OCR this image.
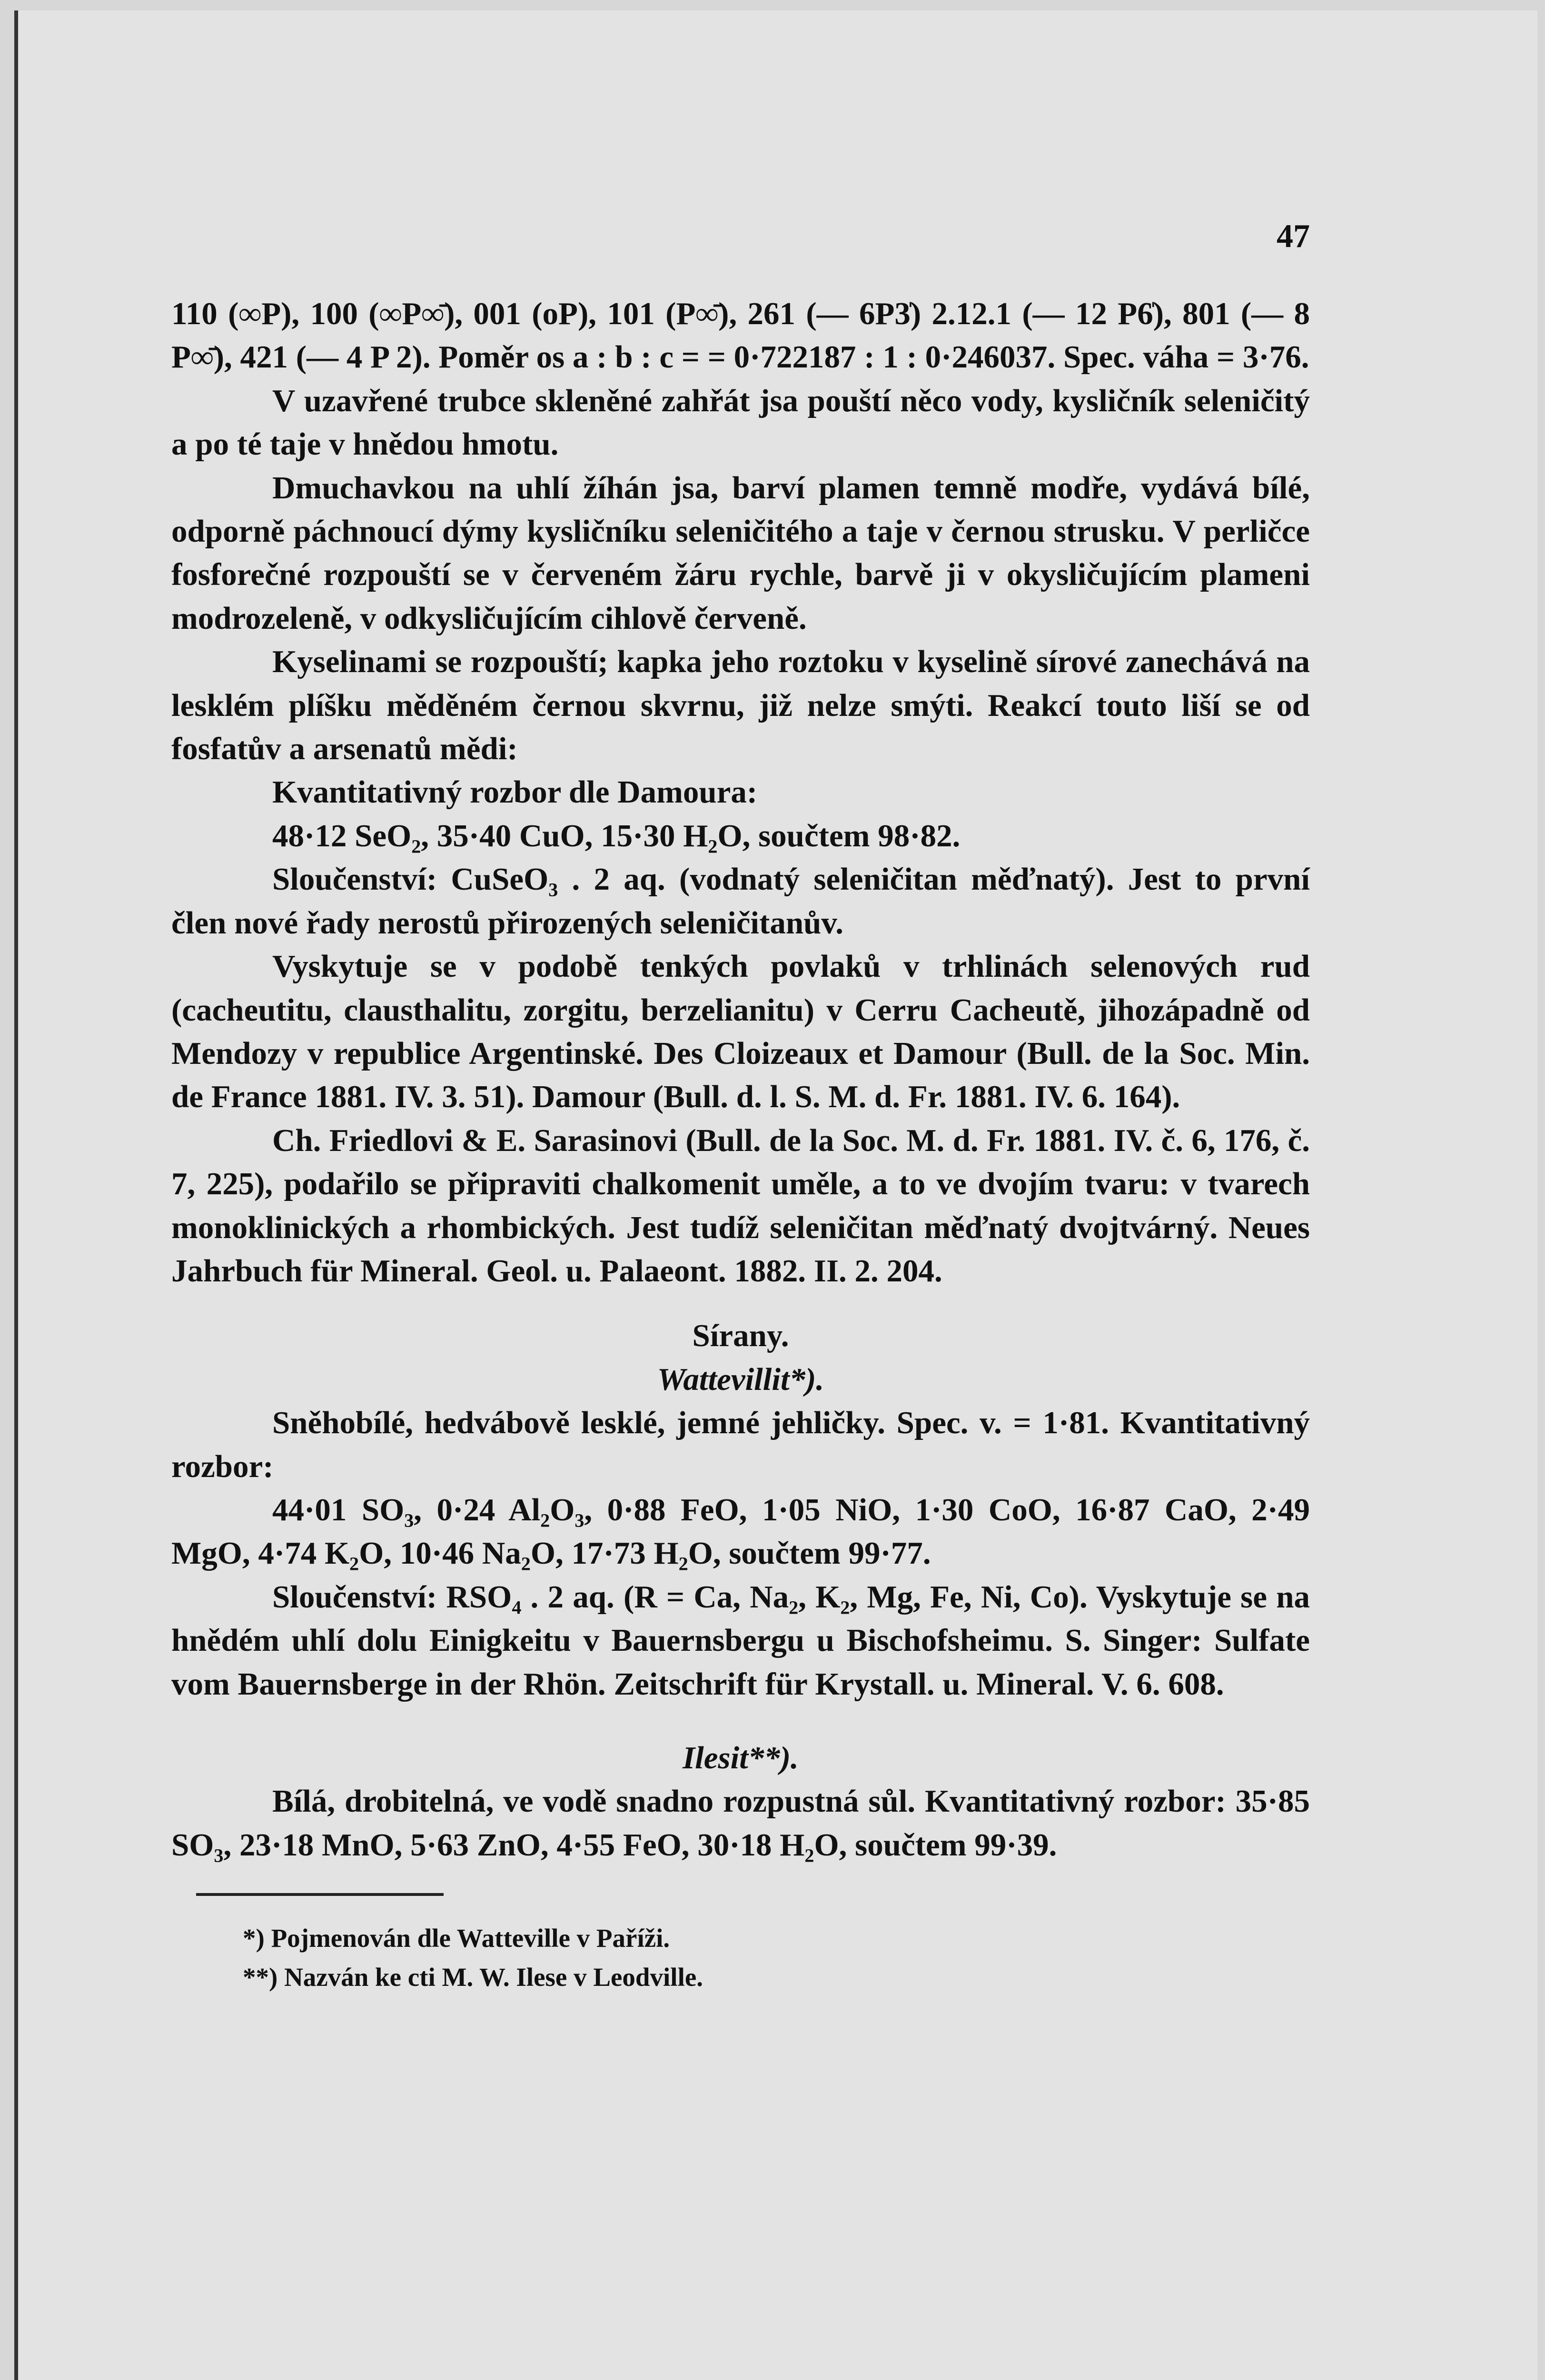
47

110 (∞P), 100 (∞P∞̄), 001 (oP), 101 (P∞̄), 261 (— 6P3̍) 2.12.1 (— 12 P6̍), 801 (— 8 P∞̄), 421 (— 4 P 2). Poměr os a : b : c = = 0·722187 : 1 : 0·246037. Spec. váha = 3·76.

V uzavřené trubce skleněné zahřát jsa pouští něco vody, kysličník seleničitý a po té taje v hnědou hmotu.

Dmuchavkou na uhlí žíhán jsa, barví plamen temně modře, vydává bílé, odporně páchnoucí dýmy kysličníku seleničitého a taje v černou strusku. V perličce fosforečné rozpouští se v červeném žáru rychle, barvě ji v okysličujícím plameni modrozeleně, v odkysličujícím cihlově červeně.

Kyselinami se rozpouští; kapka jeho roztoku v kyselině sírové zanechává na lesklém plíšku měděném černou skvrnu, již nelze smýti. Reakcí touto liší se od fosfatův a arsenatů mědi:

Kvantitativný rozbor dle Damoura:

48·12 SeO₂, 35·40 CuO, 15·30 H₂O, součtem 98·82.

Sloučenství: CuSeO₃ . 2 aq. (vodnatý seleničitan měďnatý). Jest to první člen nové řady nerostů přirozených seleničitanův.

Vyskytuje se v podobě tenkých povlaků v trhlinách selenových rud (cacheutitu, clausthalitu, zorgitu, berzelianitu) v Cerru Cacheutě, jihozápadně od Mendozy v republice Argentinské. Des Cloizeaux et Damour (Bull. de la Soc. Min. de France 1881. IV. 3. 51). Damour (Bull. d. l. S. M. d. Fr. 1881. IV. 6. 164).

Ch. Friedlovi & E. Sarasinovi (Bull. de la Soc. M. d. Fr. 1881. IV. č. 6, 176, č. 7, 225), podařilo se připraviti chalkomenit uměle, a to ve dvojím tvaru: v tvarech monoklinických a rhombických. Jest tudíž seleničitan měďnatý dvojtvárný. Neues Jahrbuch für Mineral. Geol. u. Palaeont. 1882. II. 2. 204.

Sírany.

Wattevillit*).

Sněhobílé, hedvábově lesklé, jemné jehličky. Spec. v. = 1·81. Kvantitativný rozbor:

44·01 SO₃, 0·24 Al₂O₃, 0·88 FeO, 1·05 NiO, 1·30 CoO, 16·87 CaO, 2·49 MgO, 4·74 K₂O, 10·46 Na₂O, 17·73 H₂O, součtem 99·77.

Sloučenství: RSO₄ . 2 aq. (R = Ca, Na₂, K₂, Mg, Fe, Ni, Co). Vyskytuje se na hnědém uhlí dolu Einigkeitu v Bauernsbergu u Bischofsheimu. S. Singer: Sulfate vom Bauernsberge in der Rhön. Zeitschrift für Krystall. u. Mineral. V. 6. 608.

Ilesit**).

Bílá, drobitelná, ve vodě snadno rozpustná sůl. Kvantitativný rozbor: 35·85 SO₃, 23·18 MnO, 5·63 ZnO, 4·55 FeO, 30·18 H₂O, součtem 99·39.

*) Pojmenován dle Watteville v Paříži.

**) Nazván ke cti M. W. Ilese v Leodville.
